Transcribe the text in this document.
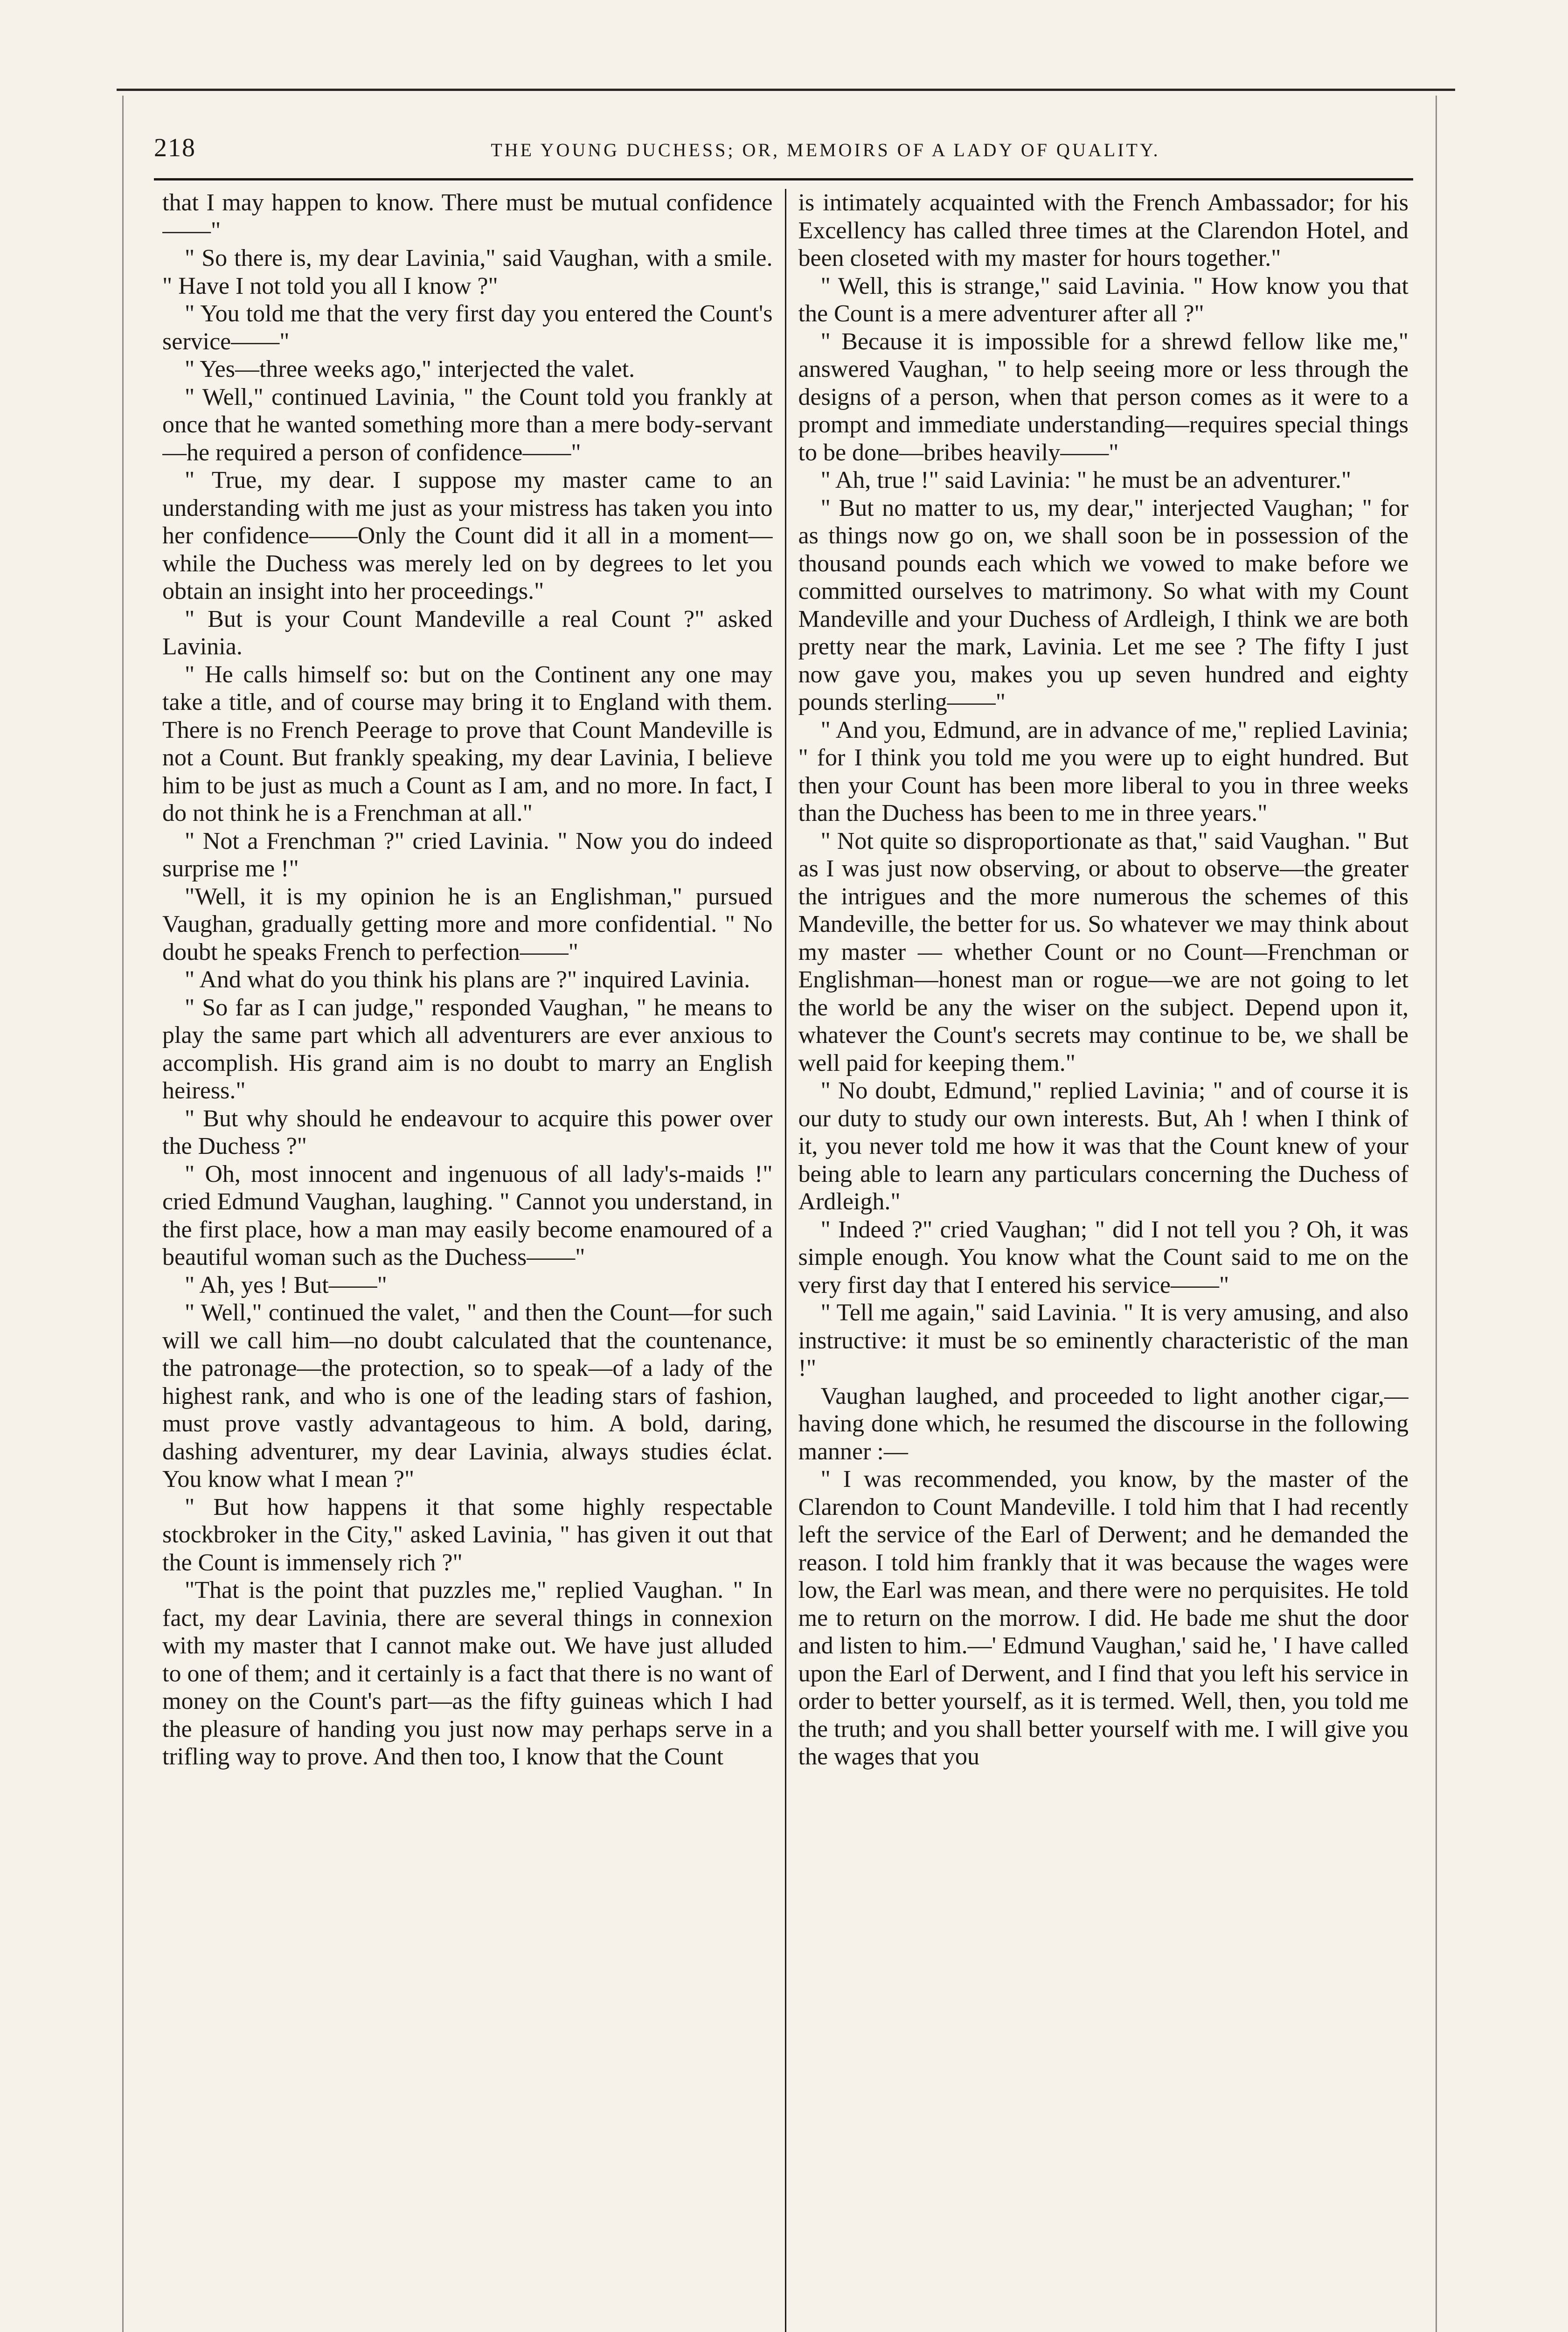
218	THE YOUNG DUCHESS; OR, MEMOIRS OF A LADY OF QUALITY.

that I may happen to know. There must be mutual confidence——"

" So there is, my dear Lavinia," said Vaughan, with a smile. " Have I not told you all I know ?"

" You told me that the very first day you entered the Count's service——"

" Yes—three weeks ago," interjected the valet.

" Well," continued Lavinia, " the Count told you frankly at once that he wanted something more than a mere body-servant—he required a person of confidence——"

" True, my dear. I suppose my master came to an understanding with me just as your mistress has taken you into her confidence——Only the Count did it all in a moment—while the Duchess was merely led on by degrees to let you obtain an insight into her proceedings."

" But is your Count Mandeville a real Count ?" asked Lavinia.

" He calls himself so: but on the Continent any one may take a title, and of course may bring it to England with them. There is no French Peerage to prove that Count Mandeville is not a Count. But frankly speaking, my dear Lavinia, I believe him to be just as much a Count as I am, and no more. In fact, I do not think he is a Frenchman at all."

" Not a Frenchman ?" cried Lavinia. " Now you do indeed surprise me !"

"Well, it is my opinion he is an Englishman," pursued Vaughan, gradually getting more and more confidential. " No doubt he speaks French to perfection——"

" And what do you think his plans are ?" inquired Lavinia.

" So far as I can judge," responded Vaughan, " he means to play the same part which all adventurers are ever anxious to accomplish. His grand aim is no doubt to marry an English heiress."

" But why should he endeavour to acquire this power over the Duchess ?"

" Oh, most innocent and ingenuous of all lady's-maids !" cried Edmund Vaughan, laughing. " Cannot you understand, in the first place, how a man may easily become enamoured of a beautiful woman such as the Duchess——"

" Ah, yes ! But——"

" Well," continued the valet, " and then the Count—for such will we call him—no doubt calculated that the countenance, the patronage—the protection, so to speak—of a lady of the highest rank, and who is one of the leading stars of fashion, must prove vastly advantageous to him. A bold, daring, dashing adventurer, my dear Lavinia, always studies éclat. You know what I mean ?"

" But how happens it that some highly respectable stockbroker in the City," asked Lavinia, " has given it out that the Count is immensely rich ?"

"That is the point that puzzles me," replied Vaughan. " In fact, my dear Lavinia, there are several things in connexion with my master that I cannot make out. We have just alluded to one of them; and it certainly is a fact that there is no want of money on the Count's part—as the fifty guineas which I had the pleasure of handing you just now may perhaps serve in a trifling way to prove. And then too, I know that the Count

is intimately acquainted with the French Ambassador; for his Excellency has called three times at the Clarendon Hotel, and been closeted with my master for hours together."

" Well, this is strange," said Lavinia. " How know you that the Count is a mere adventurer after all ?"

" Because it is impossible for a shrewd fellow like me," answered Vaughan, " to help seeing more or less through the designs of a person, when that person comes as it were to a prompt and immediate understanding—requires special things to be done—bribes heavily——"

" Ah, true !" said Lavinia: " he must be an adventurer."

" But no matter to us, my dear," interjected Vaughan; " for as things now go on, we shall soon be in possession of the thousand pounds each which we vowed to make before we committed ourselves to matrimony. So what with my Count Mandeville and your Duchess of Ardleigh, I think we are both pretty near the mark, Lavinia. Let me see ? The fifty I just now gave you, makes you up seven hundred and eighty pounds sterling——"

" And you, Edmund, are in advance of me," replied Lavinia; " for I think you told me you were up to eight hundred. But then your Count has been more liberal to you in three weeks than the Duchess has been to me in three years."

" Not quite so disproportionate as that," said Vaughan. " But as I was just now observing, or about to observe—the greater the intrigues and the more numerous the schemes of this Mandeville, the better for us. So whatever we may think about my master — whether Count or no Count—Frenchman or Englishman—honest man or rogue—we are not going to let the world be any the wiser on the subject. Depend upon it, whatever the Count's secrets may continue to be, we shall be well paid for keeping them."

" No doubt, Edmund," replied Lavinia; " and of course it is our duty to study our own interests. But, Ah ! when I think of it, you never told me how it was that the Count knew of your being able to learn any particulars concerning the Duchess of Ardleigh."

" Indeed ?" cried Vaughan; " did I not tell you ? Oh, it was simple enough. You know what the Count said to me on the very first day that I entered his service——"

" Tell me again," said Lavinia. " It is very amusing, and also instructive: it must be so eminently characteristic of the man !"

Vaughan laughed, and proceeded to light another cigar,—having done which, he resumed the discourse in the following manner :—

" I was recommended, you know, by the master of the Clarendon to Count Mandeville. I told him that I had recently left the service of the Earl of Derwent; and he demanded the reason. I told him frankly that it was because the wages were low, the Earl was mean, and there were no perquisites. He told me to return on the morrow. I did. He bade me shut the door and listen to him.—' Edmund Vaughan,' said he, ' I have called upon the Earl of Derwent, and I find that you left his service in order to better yourself, as it is termed. Well, then, you told me the truth; and you shall better yourself with me. I will give you the wages that you
